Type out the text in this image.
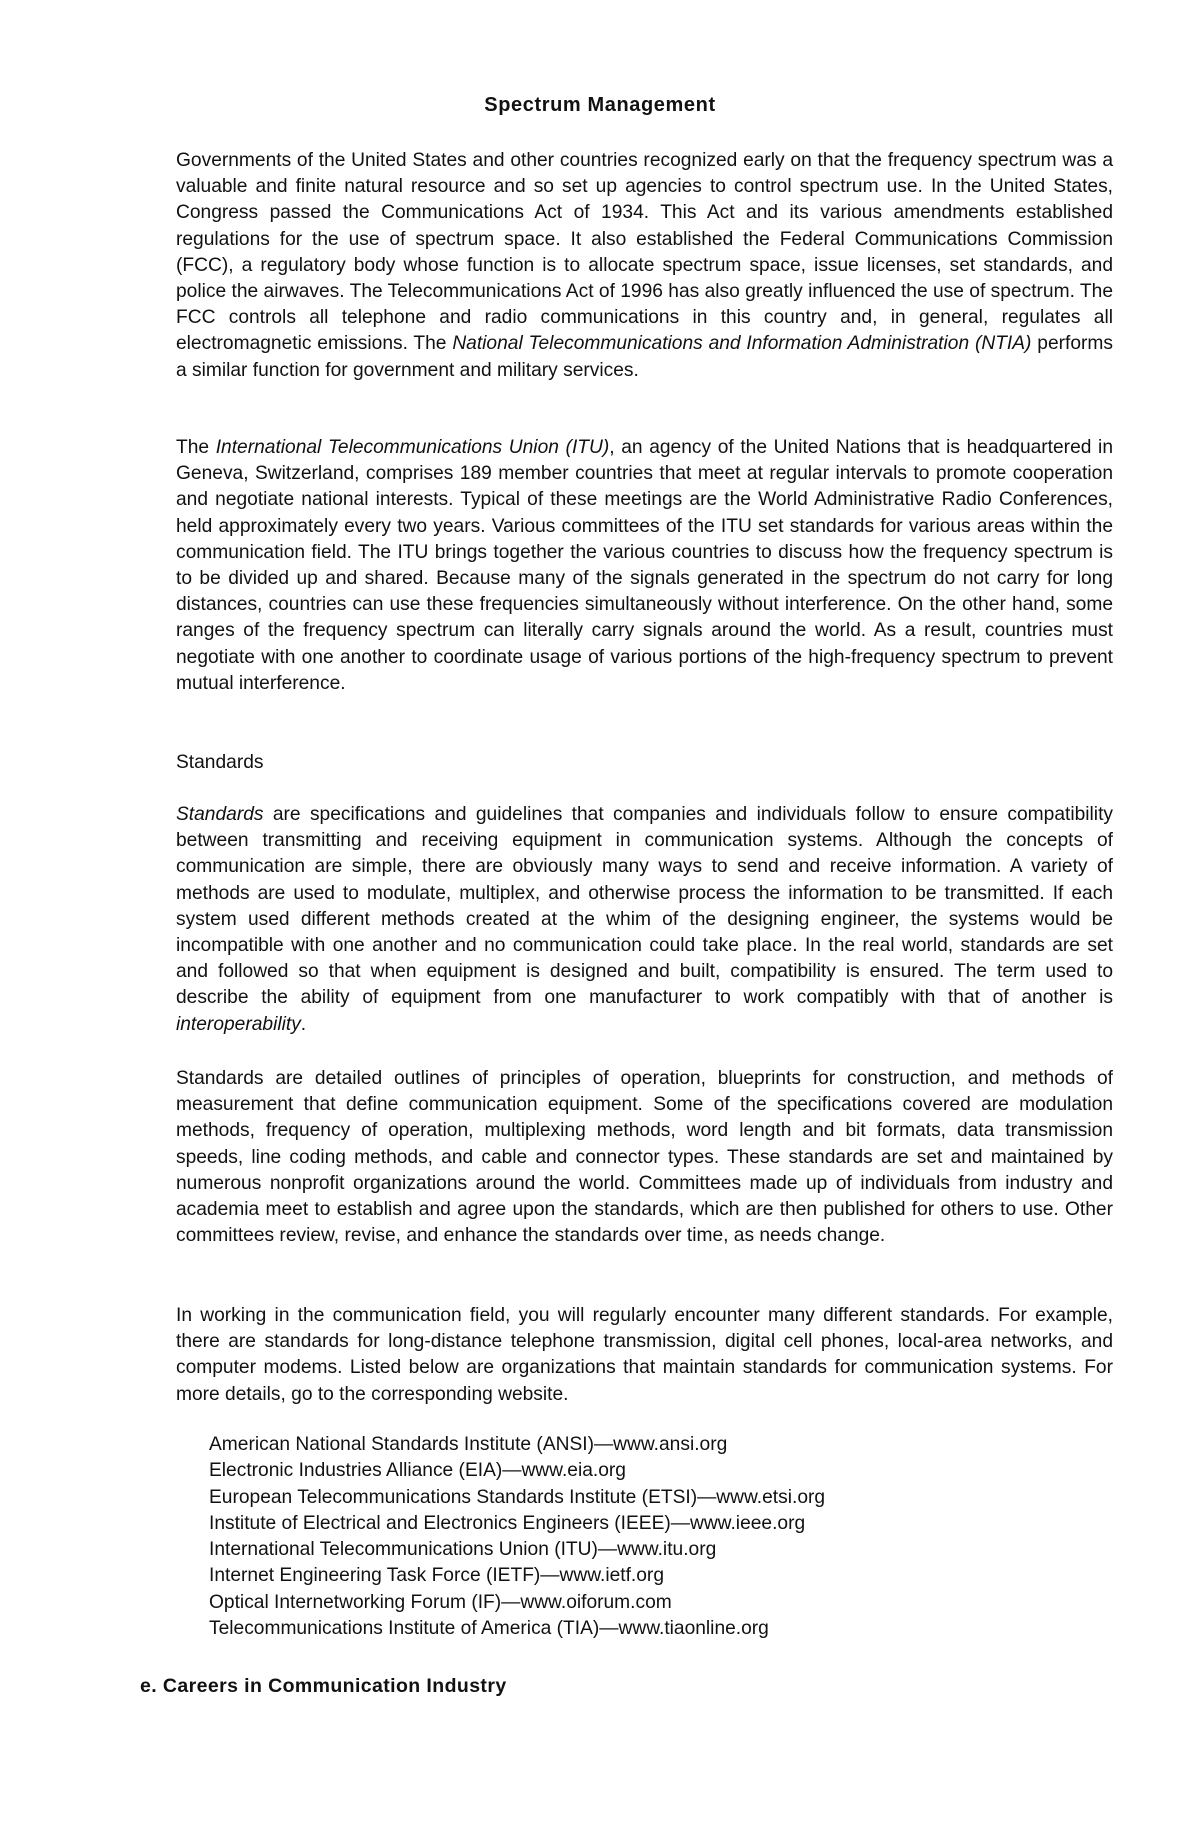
Spectrum Management

Governments of the United States and other countries recognized early on that the frequency spectrum was a valuable and finite natural resource and so set up agencies to control spectrum use. In the United States, Congress passed the Communications Act of 1934. This Act and its various amendments established regulations for the use of spectrum space. It also established the Federal Communications Commission (FCC), a regulatory body whose function is to allocate spectrum space, issue licenses, set standards, and police the airwaves. The Telecommunications Act of 1996 has also greatly influenced the use of spectrum. The FCC controls all telephone and radio communications in this country and, in general, regulates all electromagnetic emissions. The National Telecommunications and Information Administration (NTIA) performs a similar function for government and military services.

The International Telecommunications Union (ITU), an agency of the United Nations that is headquartered in Geneva, Switzerland, comprises 189 member countries that meet at regular intervals to promote cooperation and negotiate national interests. Typical of these meetings are the World Administrative Radio Conferences, held approximately every two years. Various committees of the ITU set standards for various areas within the communication field. The ITU brings together the various countries to discuss how the frequency spectrum is to be divided up and shared. Because many of the signals generated in the spectrum do not carry for long distances, countries can use these frequencies simultaneously without interference. On the other hand, some ranges of the frequency spectrum can literally carry signals around the world. As a result, countries must negotiate with one another to coordinate usage of various portions of the high-frequency spectrum to prevent mutual interference.

Standards

Standards are specifications and guidelines that companies and individuals follow to ensure compatibility between transmitting and receiving equipment in communication systems. Although the concepts of communication are simple, there are obviously many ways to send and receive information. A variety of methods are used to modulate, multiplex, and otherwise process the information to be transmitted. If each system used different methods created at the whim of the designing engineer, the systems would be incompatible with one another and no communication could take place. In the real world, standards are set and followed so that when equipment is designed and built, compatibility is ensured. The term used to describe the ability of equipment from one manufacturer to work compatibly with that of another is interoperability.

Standards are detailed outlines of principles of operation, blueprints for construction, and methods of measurement that define communication equipment. Some of the specifications covered are modulation methods, frequency of operation, multiplexing methods, word length and bit formats, data transmission speeds, line coding methods, and cable and connector types. These standards are set and maintained by numerous nonprofit organizations around the world. Committees made up of individuals from industry and academia meet to establish and agree upon the standards, which are then published for others to use. Other committees review, revise, and enhance the standards over time, as needs change.

In working in the communication field, you will regularly encounter many different standards. For example, there are standards for long-distance telephone transmission, digital cell phones, local-area networks, and computer modems. Listed below are organizations that maintain standards for communication systems. For more details, go to the corresponding website.

American National Standards Institute (ANSI)—www.ansi.org
Electronic Industries Alliance (EIA)—www.eia.org
European Telecommunications Standards Institute (ETSI)—www.etsi.org
Institute of Electrical and Electronics Engineers (IEEE)—www.ieee.org
International Telecommunications Union (ITU)—www.itu.org
Internet Engineering Task Force (IETF)—www.ietf.org
Optical Internetworking Forum (IF)—www.oiforum.com
Telecommunications Institute of America (TIA)—www.tiaonline.org
e. Careers in Communication Industry
